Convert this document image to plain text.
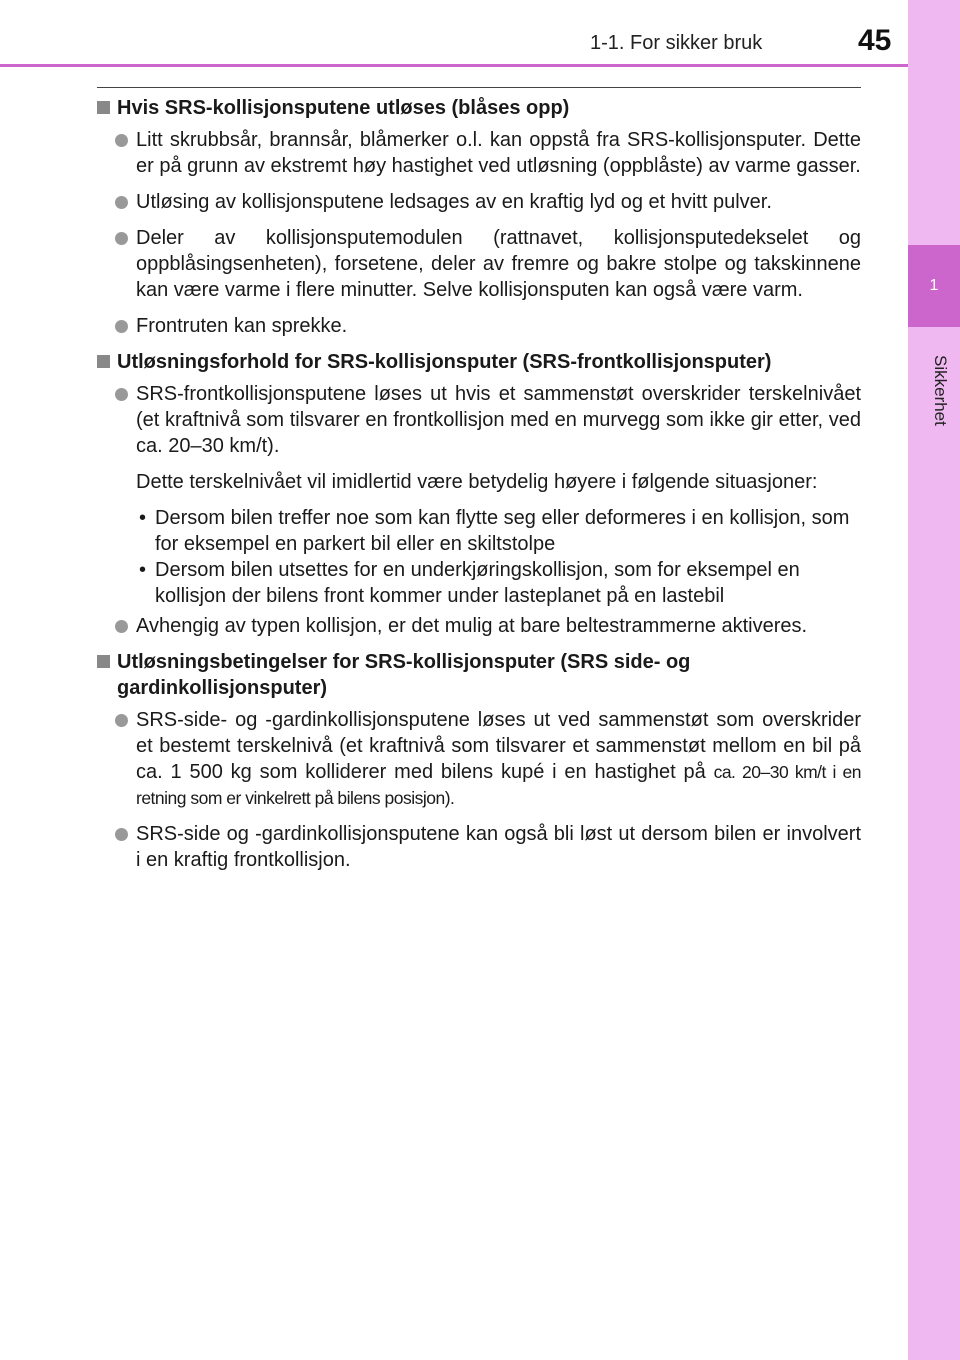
1
Sikkerhet
1-1. For sikker bruk	45
Hvis SRS-kollisjonsputene utløses (blåses opp)
Litt skrubbsår, brannsår, blåmerker o.l. kan oppstå fra SRS-kollisjonsputer. Dette er på grunn av ekstremt høy hastighet ved utløsning (oppblåste) av varme gasser.
Utløsing av kollisjonsputene ledsages av en kraftig lyd og et hvitt pulver.
Deler av kollisjonsputemodulen (rattnavet, kollisjonsputedekselet og oppblåsingsenheten), forsetene, deler av fremre og bakre stolpe og takskinnene kan være varme i flere minutter. Selve kollisjonsputen kan også være varm.
Frontruten kan sprekke.
Utløsningsforhold for SRS-kollisjonsputer (SRS-frontkollisjonsputer)
SRS-frontkollisjonsputene løses ut hvis et sammenstøt overskrider terskelnivået (et kraftnivå som tilsvarer en frontkollisjon med en murvegg som ikke gir etter, ved ca. 20–30 km/t).

Dette terskelnivået vil imidlertid være betydelig høyere i følgende situasjoner:

• Dersom bilen treffer noe som kan flytte seg eller deformeres i en kollisjon, som for eksempel en parkert bil eller en skiltstolpe

• Dersom bilen utsettes for en underkjøringskollisjon, som for eksempel en kollisjon der bilens front kommer under lasteplanet på en lastebil

Avhengig av typen kollisjon, er det mulig at bare beltestrammerne aktiveres.
Utløsningsbetingelser for SRS-kollisjonsputer (SRS side- og gardinkollisjonsputer)
SRS-side- og -gardinkollisjonsputene løses ut ved sammenstøt som overskrider et bestemt terskelnivå (et kraftnivå som tilsvarer et sammenstøt mellom en bil på ca. 1 500 kg som kolliderer med bilens kupé i en hastighet på ca. 20–30 km/t i en retning som er vinkelrett på bilens posisjon).
SRS-side og -gardinkollisjonsputene kan også bli løst ut dersom bilen er involvert i en kraftig frontkollisjon.
